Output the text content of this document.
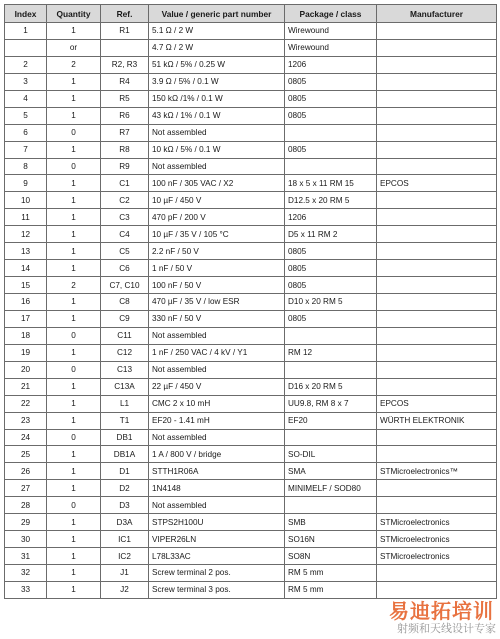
Index	Quantity	Ref.	Value / generic part number	Package / class	Manufacturer
1	1	R1	5.1 Ω / 2 W	Wirewound	
	or		4.7 Ω / 2 W	Wirewound	
2	2	R2, R3	51 kΩ / 5% / 0.25 W	1206	
3	1	R4	3.9 Ω / 5% / 0.1 W	0805	
4	1	R5	150 kΩ /1% / 0.1 W	0805	
5	1	R6	43 kΩ / 1% / 0.1 W	0805	
6	0	R7	Not assembled		
7	1	R8	10 kΩ / 5% / 0.1 W	0805	
8	0	R9	Not assembled		
9	1	C1	100 nF / 305 VAC / X2	18 x 5 x 11 RM 15	EPCOS
10	1	C2	10 µF / 450 V	D12.5 x 20 RM 5	
11	1	C3	470 pF / 200 V	1206	
12	1	C4	10 µF / 35 V / 105 °C	D5 x 11 RM 2	
13	1	C5	2.2 nF / 50 V	0805	
14	1	C6	1 nF / 50 V	0805	
15	2	C7, C10	100 nF / 50 V	0805	
16	1	C8	470 µF / 35 V / low ESR	D10 x 20 RM 5	
17	1	C9	330 nF / 50 V	0805	
18	0	C11	Not assembled		
19	1	C12	1 nF / 250 VAC / 4 kV / Y1	RM 12	
20	0	C13	Not assembled		
21	1	C13A	22 µF / 450 V	D16 x 20 RM 5	
22	1	L1	CMC 2 x 10 mH	UU9.8, RM 8 x 7	EPCOS
23	1	T1	EF20 - 1.41 mH	EF20	WÜRTH ELEKTRONIK
24	0	DB1	Not assembled		
25	1	DB1A	1 A / 800 V / bridge	SO-DIL	
26	1	D1	STTH1R06A	SMA	STMicroelectronics™
27	1	D2	1N4148	MINIMELF / SOD80	
28	0	D3	Not assembled		
29	1	D3A	STPS2H100U	SMB	STMicroelectronics
30	1	IC1	VIPER26LN	SO16N	STMicroelectronics
31	1	IC2	L78L33AC	SO8N	STMicroelectronics
32	1	J1	Screw terminal 2 pos.	RM 5 mm	
33	1	J2	Screw terminal 3 pos.	RM 5 mm	
易迪拓培训
射频和天线设计专家
